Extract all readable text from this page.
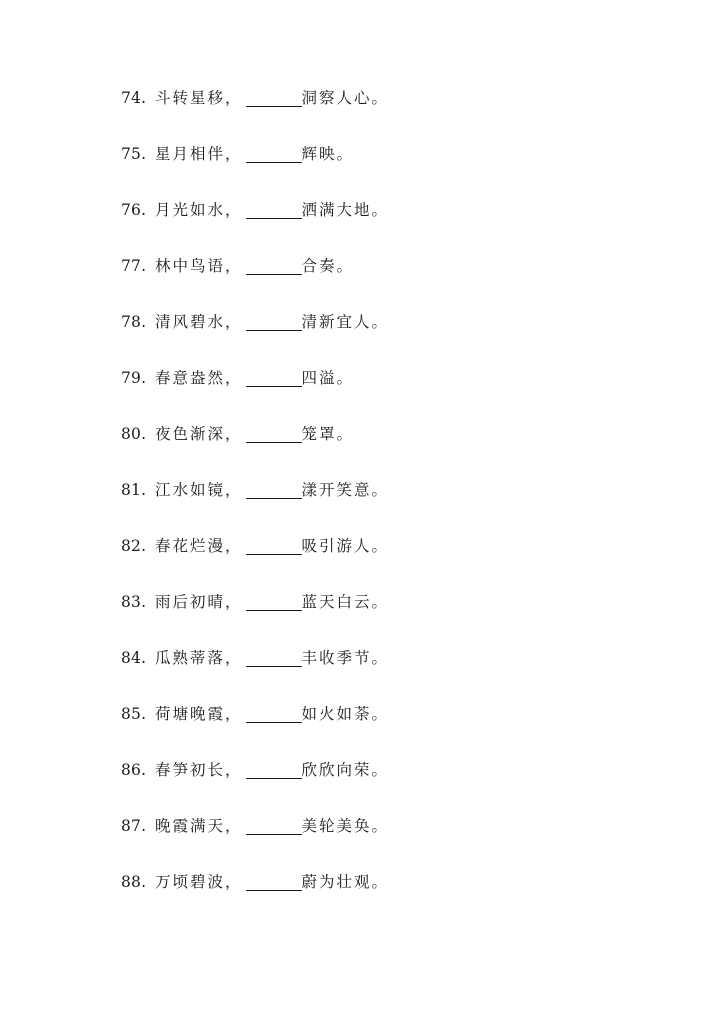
74. 斗转星移，	洞察人心。
75. 星月相伴，	辉映。
76. 月光如水，	洒满大地。
77. 林中鸟语，	合奏。
78. 清风碧水，	清新宜人。
79. 春意盎然，	四溢。
80. 夜色渐深，	笼罩。
81. 江水如镜，	漾开笑意。
82. 春花烂漫，	吸引游人。
83. 雨后初晴，	蓝天白云。
84. 瓜熟蒂落，	丰收季节。
85. 荷塘晚霞，	如火如荼。
86. 春笋初长，	欣欣向荣。
87. 晚霞满天，	美轮美奂。
88. 万顷碧波，	蔚为壮观。
